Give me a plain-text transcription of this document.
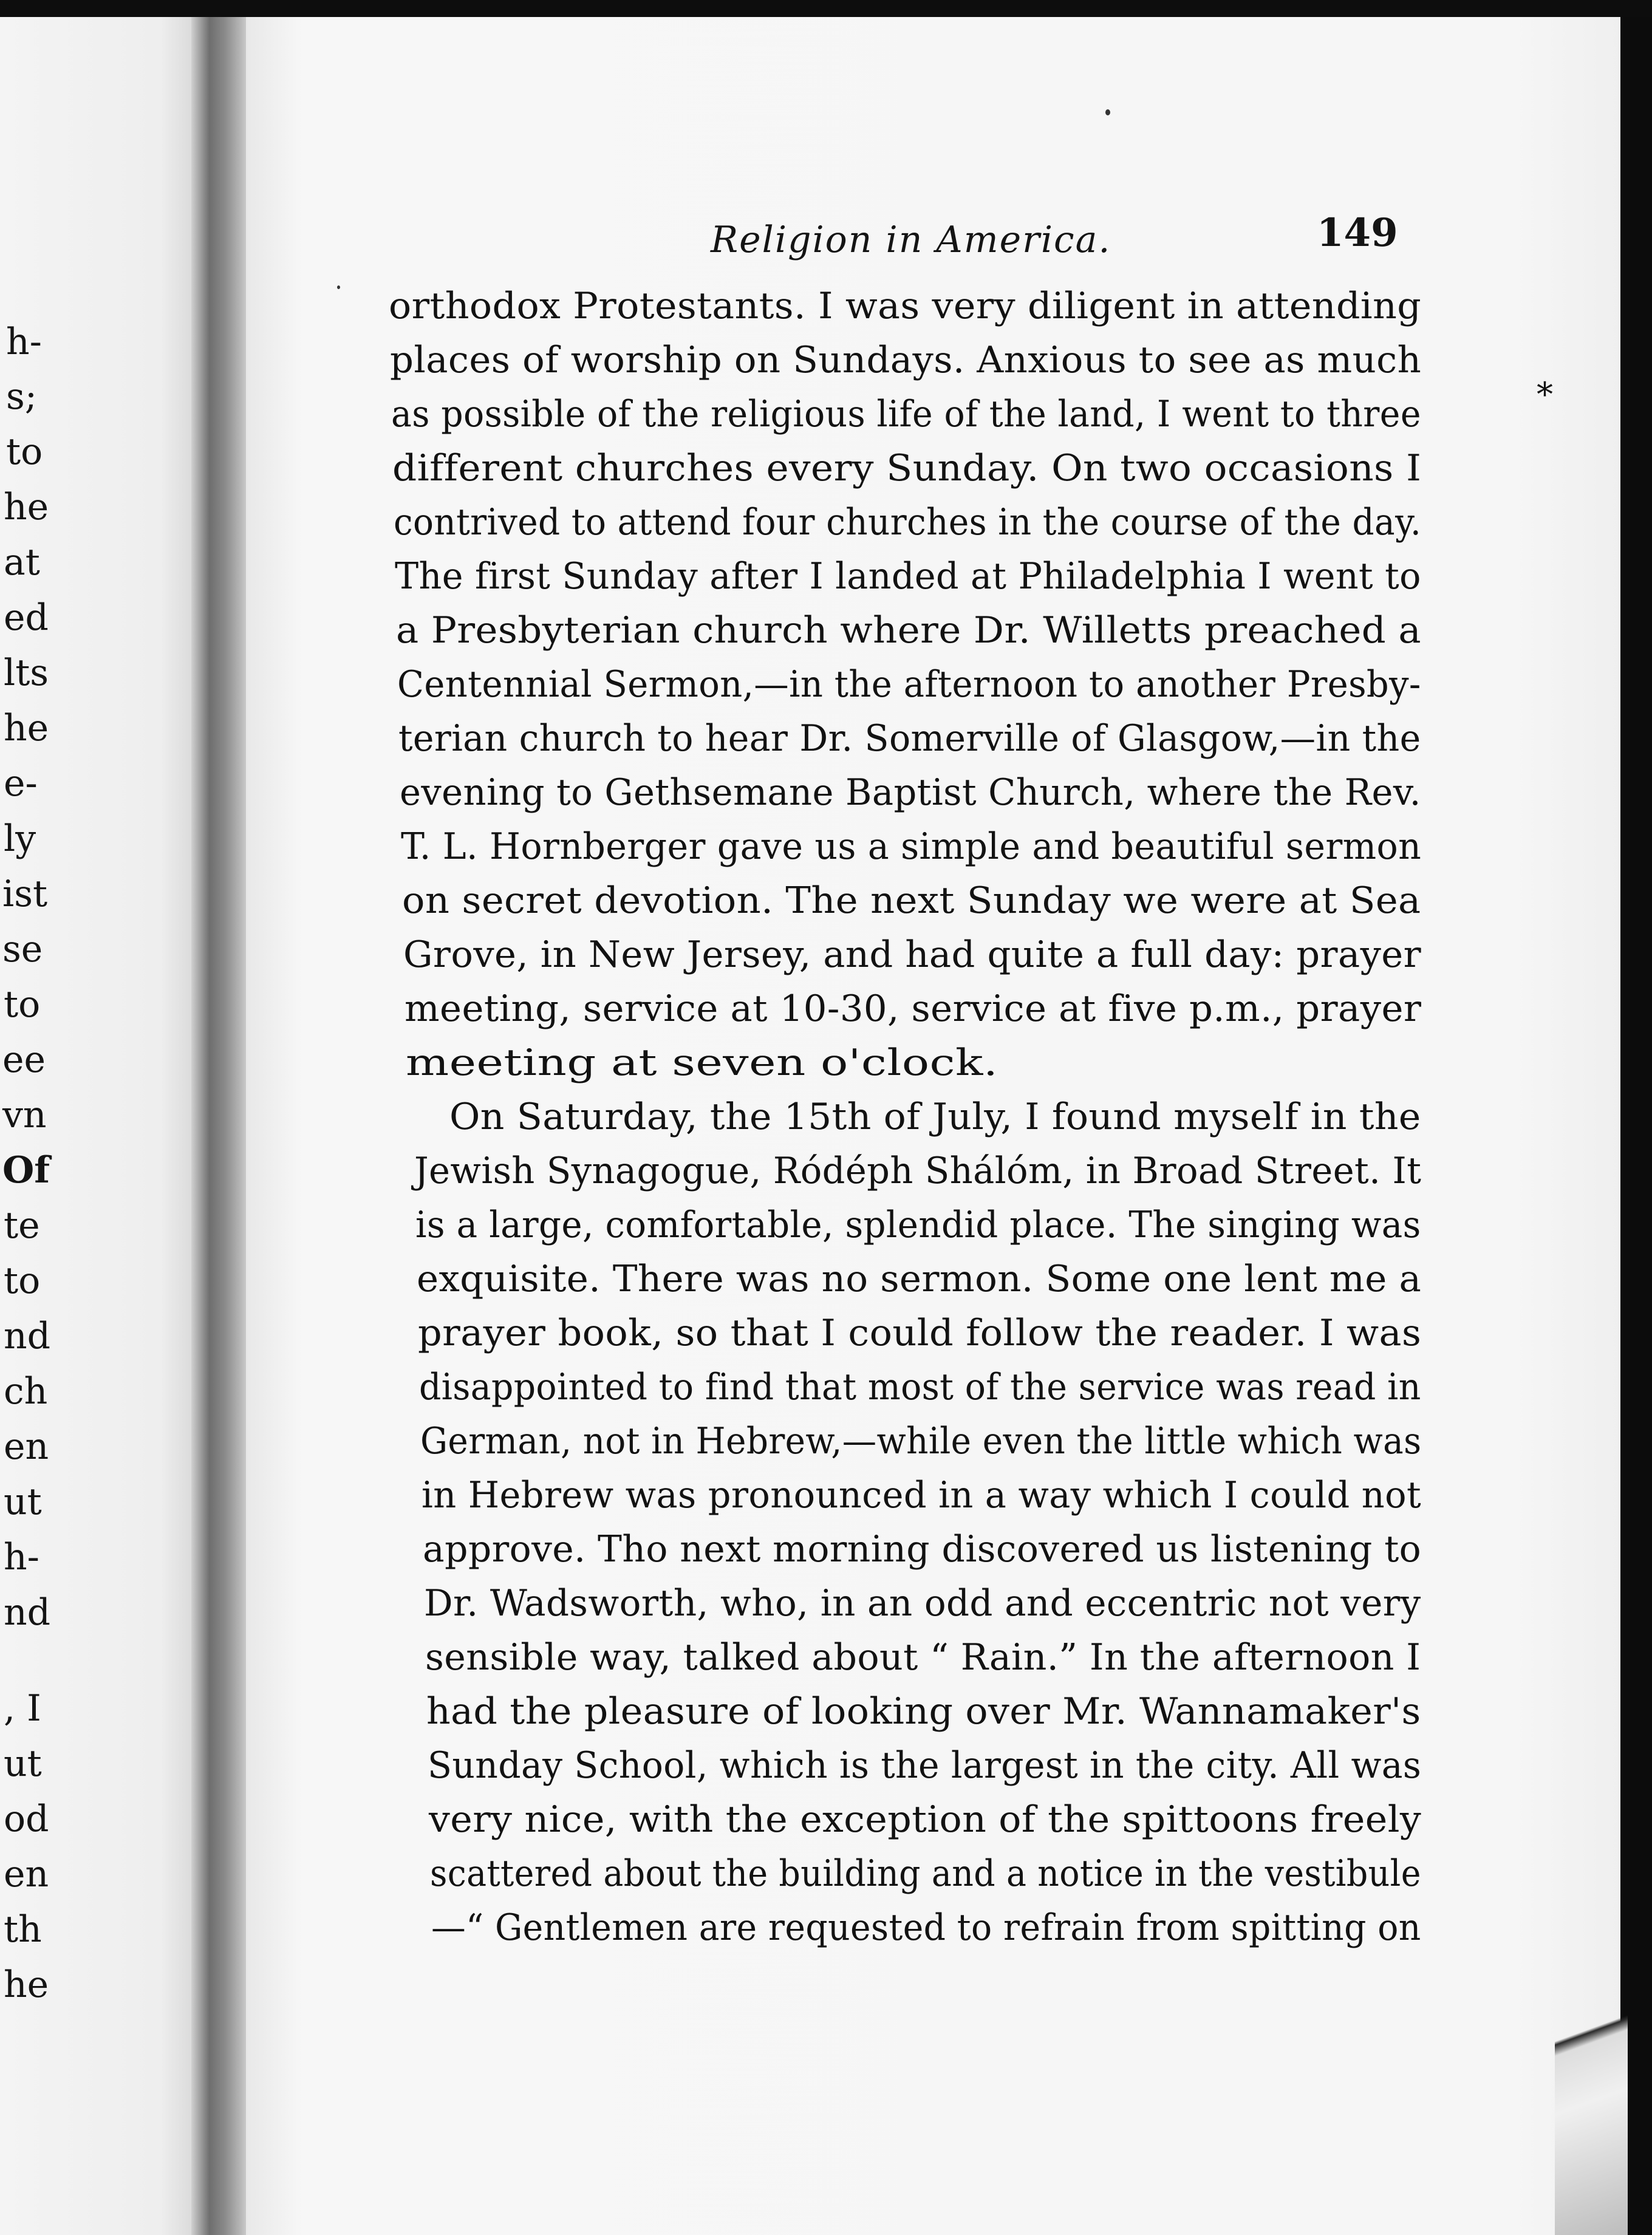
h-
s;
to
he
at
ed
lts
he
e-
ly
ist
se
to
ee
vn
Of
te
to
nd
ch
en
ut
h-
nd
, I
ut
od
en
th
he
Religion in America.	149
*
orthodox Protestants. I was very diligent in attending
places of worship on Sundays. Anxious to see as much
as possible of the religious life of the land, I went to three
different churches every Sunday. On two occasions I
contrived to attend four churches in the course of the day.
The first Sunday after I landed at Philadelphia I went to
a Presbyterian church where Dr. Willetts preached a
Centennial Sermon,—in the afternoon to another Presby-
terian church to hear Dr. Somerville of Glasgow,—in the
evening to Gethsemane Baptist Church, where the Rev.
T. L. Hornberger gave us a simple and beautiful sermon
on secret devotion. The next Sunday we were at Sea
Grove, in New Jersey, and had quite a full day: prayer
meeting, service at 10-30, service at five p.m., prayer
meeting at seven o'clock.
On Saturday, the 15th of July, I found myself in the
Jewish Synagogue, Ródéph Shálóm, in Broad Street. It
is a large, comfortable, splendid place. The singing was
exquisite. There was no sermon. Some one lent me a
prayer book, so that I could follow the reader. I was
disappointed to find that most of the service was read in
German, not in Hebrew,—while even the little which was
in Hebrew was pronounced in a way which I could not
approve. Tho next morning discovered us listening to
Dr. Wadsworth, who, in an odd and eccentric not very
sensible way, talked about “ Rain.” In the afternoon I
had the pleasure of looking over Mr. Wannamaker's
Sunday School, which is the largest in the city. All was
very nice, with the exception of the spittoons freely
scattered about the building and a notice in the vestibule
—“ Gentlemen are requested to refrain from spitting on
